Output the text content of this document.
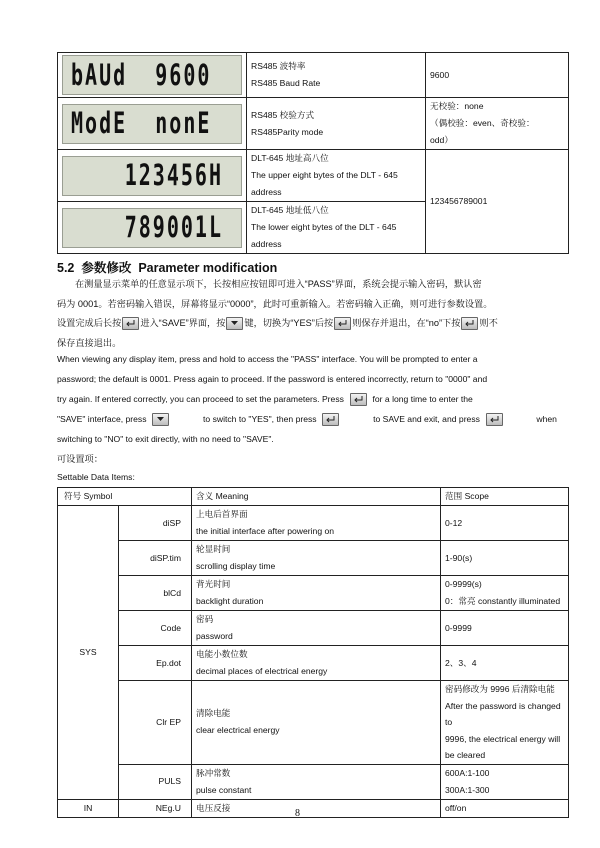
bAUd  9600	RS485 波特率
RS485 Baud Rate	9600

ModE  nonE	RS485 校验方式
RS485Parity mode	无校验：none
（偶校验：even、奇校验：
odd）

123456H	DLT-645 地址高八位
The upper eight bytes of the DLT - 645
address	123456789001

789001L	DLT-645 地址低八位
The lower eight bytes of the DLT - 645
address	
5.2 参数修改 Parameter modification
在测量显示菜单的任意显示项下，长按相应按钮即可进入“PASS”界面，系统会提示输入密码，默认密
码为 0001。若密码输入错误，屏幕将显示“0000”，此时可重新输入。若密码输入正确，则可进行参数设置。
设置完成后长按 进入“SAVE”界面，按 键，切换为“YES”后按 则保存并退出，在“no”下按 则不
保存直接退出。
When viewing any display item, press and hold to access the "PASS" interface. You will be prompted to enter a
password; the default is 0001. Press again to proceed. If the password is entered incorrectly, return to "0000" and
try again. If entered correctly, you can proceed to set the parameters. Press	for a long time to enter the
"SAVE" interface, press	to switch to "YES", then press	to SAVE and exit, and press	when
switching to "NO" to exit directly, with no need to "SAVE".
可设置项：
Settable Data Items:
符号 Symbol		含义 Meaning	范围 Scope
SYS	diSP	上电后首界面
the initial interface after powering on	0-12
	diSP.tim	轮显时间
scrolling display time	1-90(s)
	blCd	背光时间
backlight duration	0-9999(s)
0：常亮 constantly illuminated
	Code	密码
password	0-9999
	Ep.dot	电能小数位数
decimal places of electrical energy	2、3、4
	Clr EP	清除电能
clear electrical energy	密码修改为 9996 后清除电能
After the password is changed to
9996, the electrical energy will
be cleared
	PULS	脉冲常数
pulse constant	600A:1-100
300A:1-300
IN	NEg.U	电压反接	off/on
8
